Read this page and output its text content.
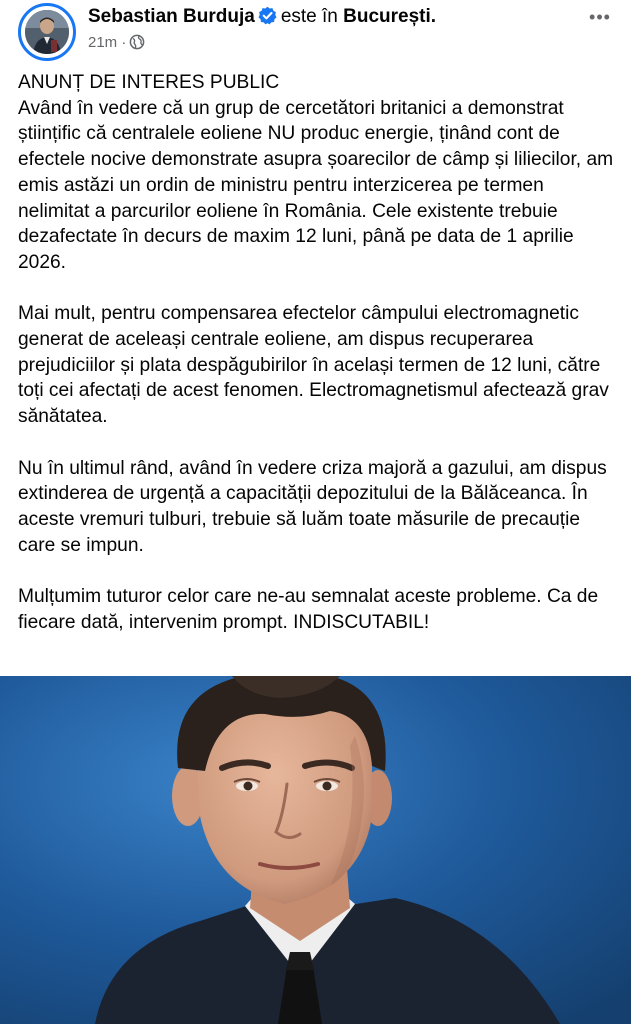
Sebastian Burduja este în București.
21m ·
•••

ANUNȚ DE INTERES PUBLIC
Având în vedere că un grup de cercetători britanici a demonstrat științific că centralele eoliene NU produc energie, ținând cont de efectele nocive demonstrate asupra șoarecilor de câmp și liliecilor, am emis astăzi un ordin de ministru pentru interzicerea pe termen nelimitat a parcurilor eoliene în România. Cele existente trebuie dezafectate în decurs de maxim 12 luni, până pe data de 1 aprilie 2026.

Mai mult, pentru compensarea efectelor câmpului electromagnetic generat de aceleași centrale eoliene, am dispus recuperarea prejudiciilor și plata despăgubirilor în același termen de 12 luni, către toți cei afectați de acest fenomen. Electromagnetismul afectează grav sănătatea.

Nu în ultimul rând, având în vedere criza majoră a gazului, am dispus extinderea de urgență a capacității depozitului de la Bălăceanca. În aceste vremuri tulburi, trebuie să luăm toate măsurile de precauție care se impun.

Mulțumim tuturor celor care ne-au semnalat aceste probleme. Ca de fiecare dată, intervenim prompt. INDISCUTABIL!
